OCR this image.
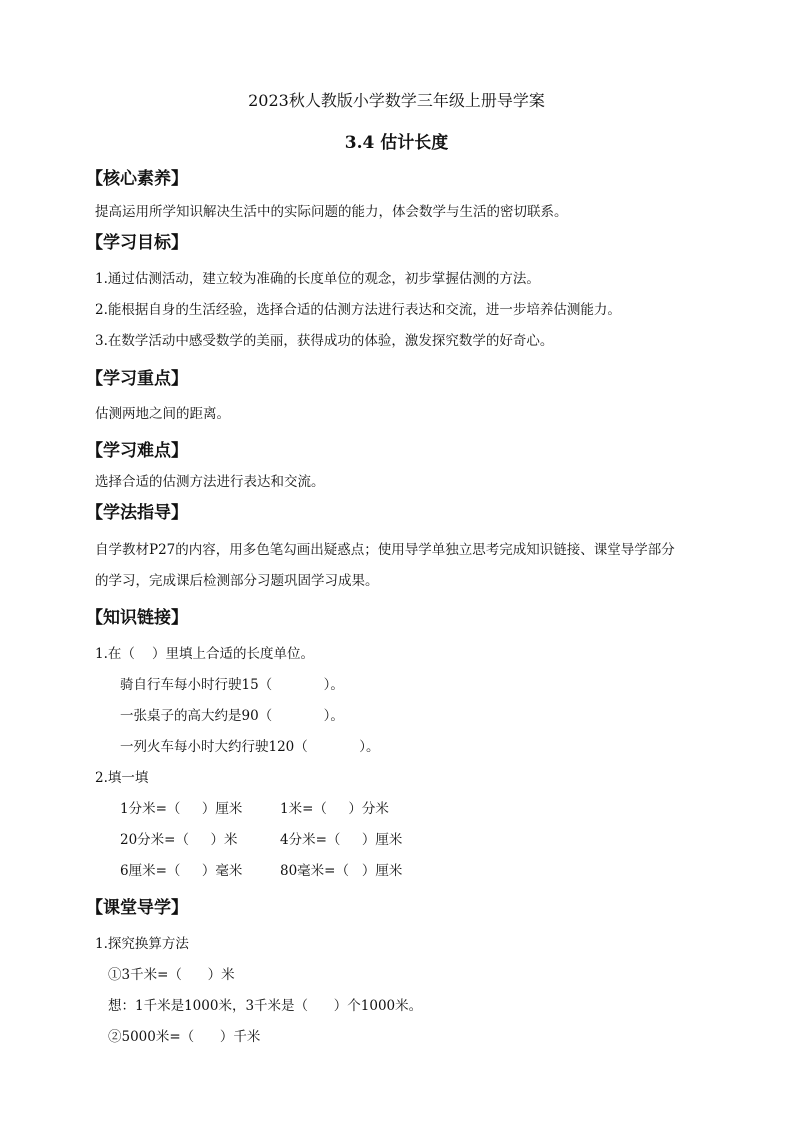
2023秋人教版小学数学三年级上册导学案
3.4 估计长度
【核心素养】
提高运用所学知识解决生活中的实际问题的能力，体会数学与生活的密切联系。
【学习目标】
1.通过估测活动，建立较为准确的长度单位的观念，初步掌握估测的方法。
2.能根据自身的生活经验，选择合适的估测方法进行表达和交流，进一步培养估测能力。
3.在数学活动中感受数学的美丽，获得成功的体验，激发探究数学的好奇心。
【学习重点】
估测两地之间的距离。
【学习难点】
选择合适的估测方法进行表达和交流。
【学法指导】
自学教材P27的内容，用多色笔勾画出疑惑点；使用导学单独立思考完成知识链接、课堂导学部分
的学习，完成课后检测部分习题巩固学习成果。
【知识链接】
1.在（    ）里填上合适的长度单位。
骑自行车每小时行驶15（            ）。
一张桌子的高大约是90（            ）。
一列火车每小时大约行驶120（            ）。
2.填一填
1分米=（     ）厘米	1米=（     ）分米
20分米=（     ）米	4分米=（     ）厘米
6厘米=（     ）毫米	80毫米=（   ）厘米
【课堂导学】
1.探究换算方法
①3千米=（      ）米
想：1千米是1000米，3千米是（      ）个1000米。
②5000米=（      ）千米
